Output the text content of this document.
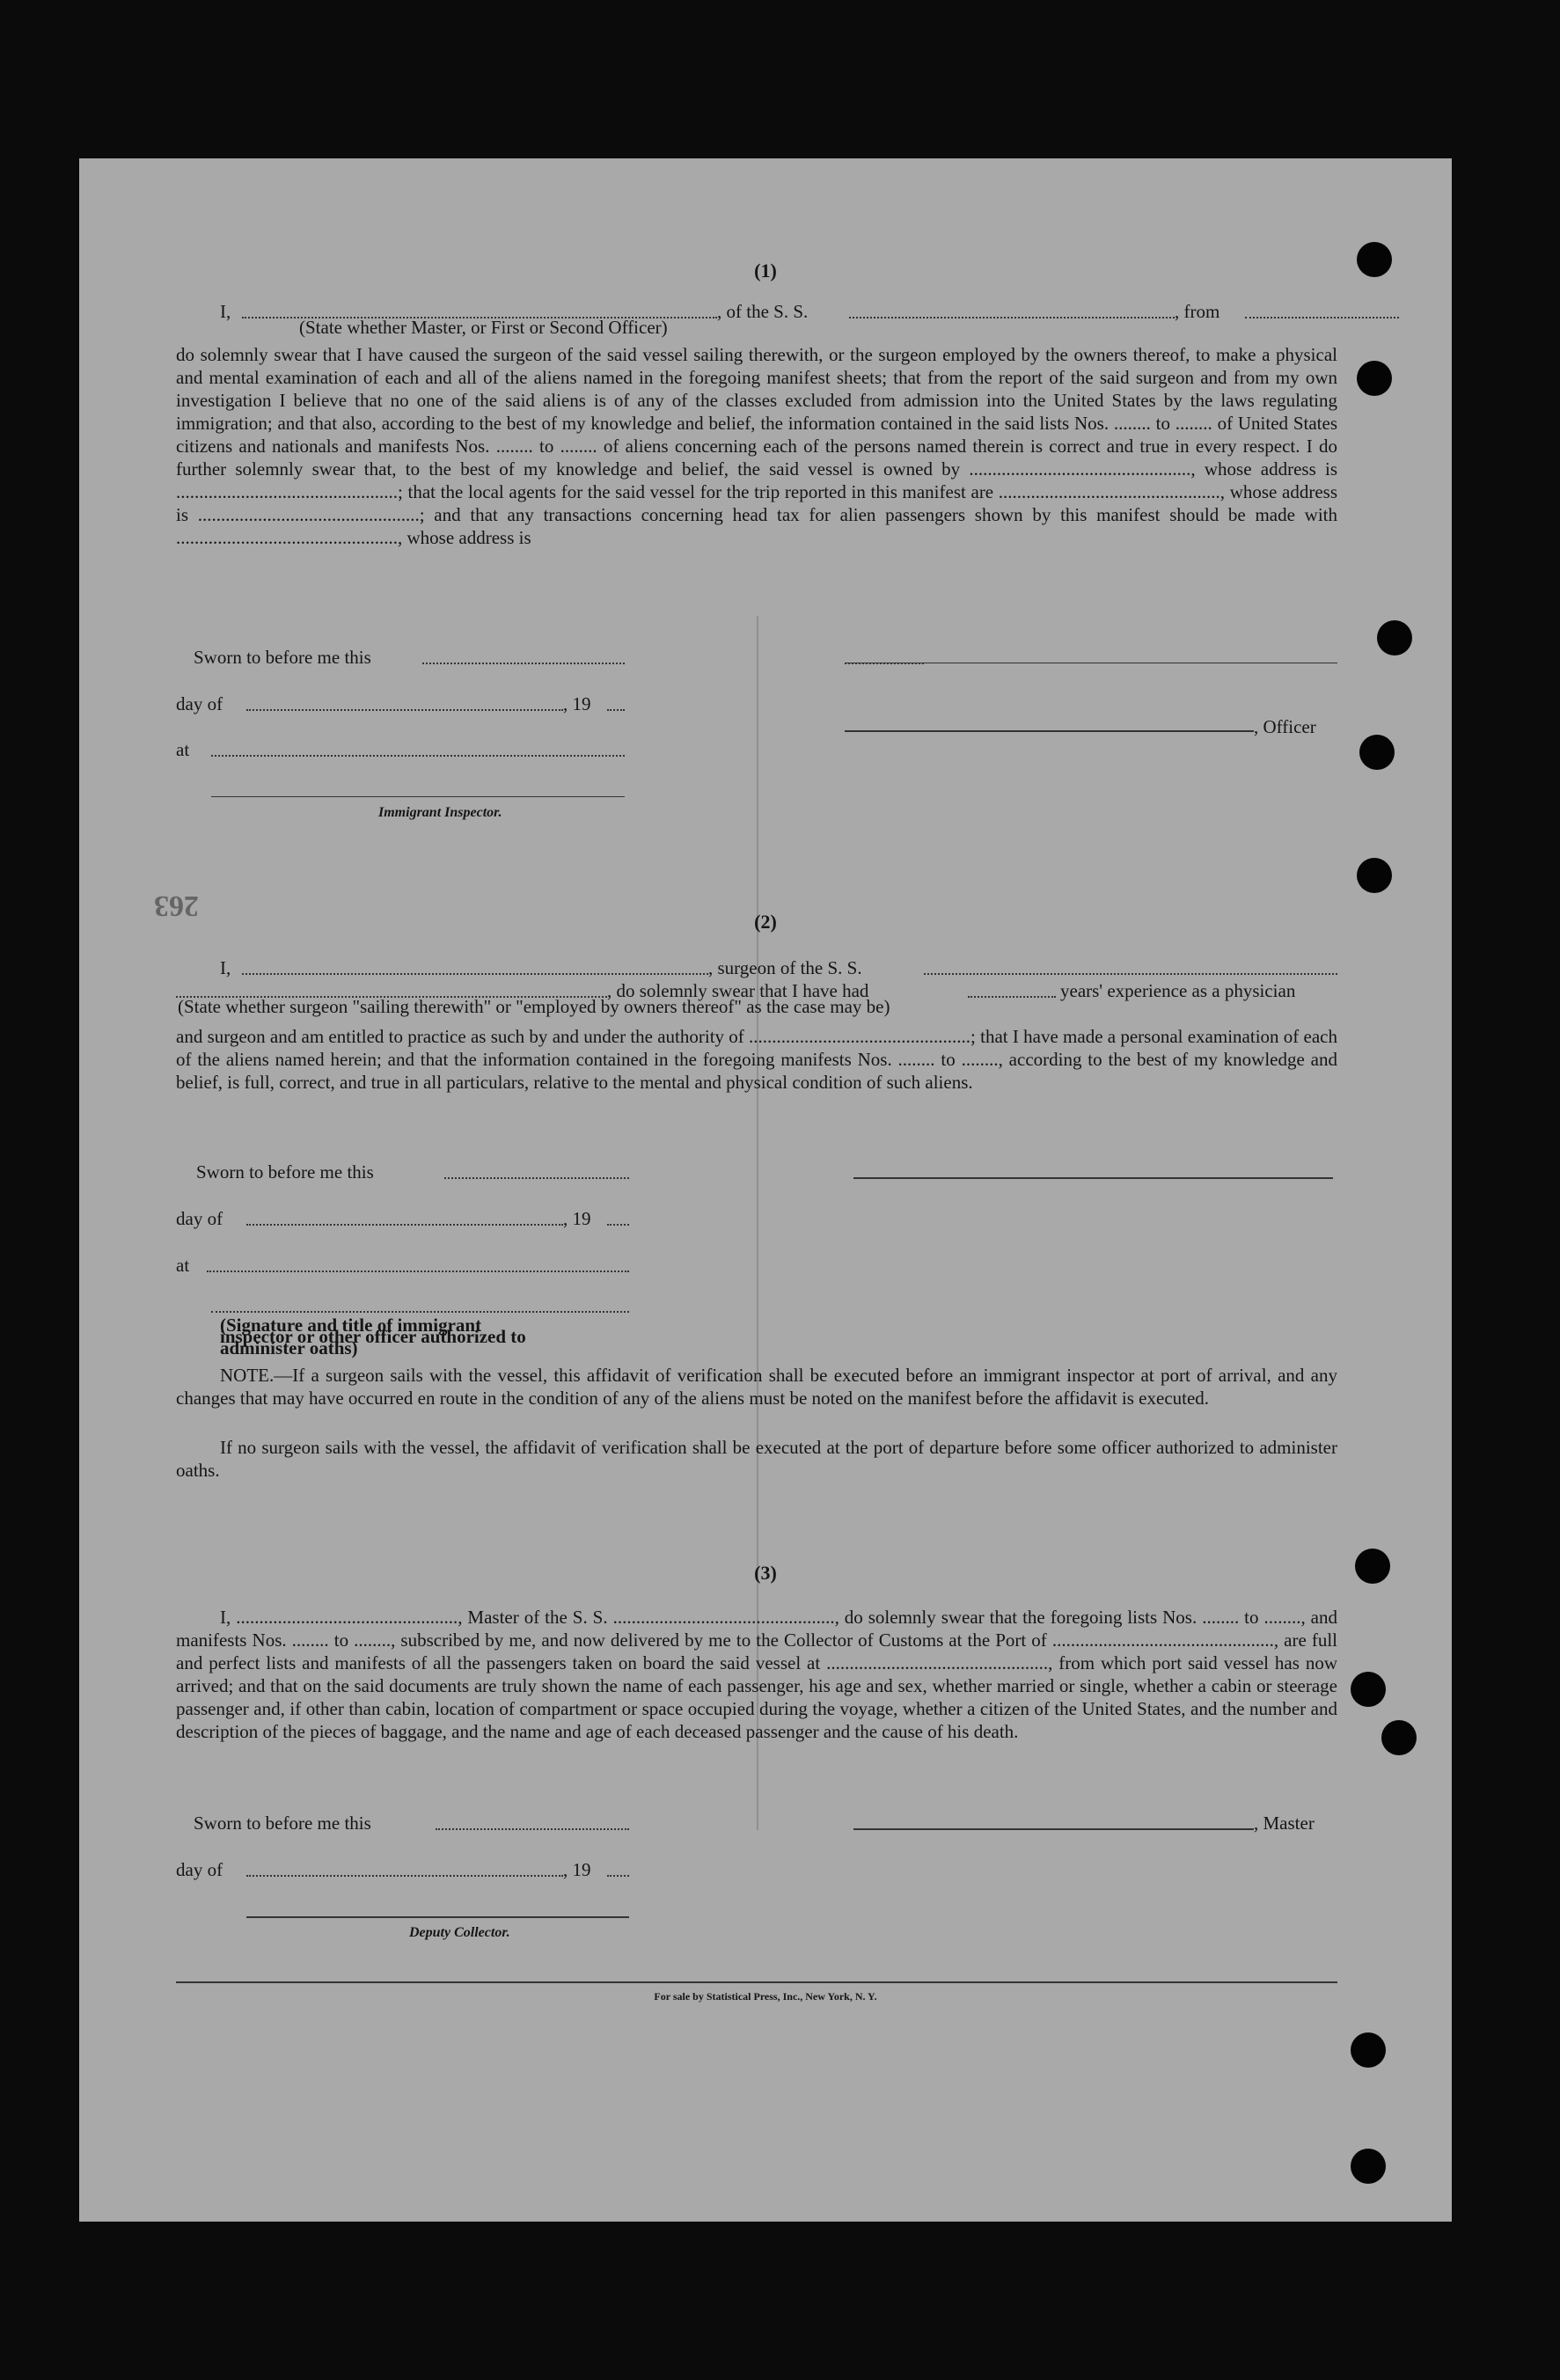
(1)
I,
(State whether Master, or First or Second Officer)
, of the S. S.	, from
do solemnly swear that I have caused the surgeon of the said vessel sailing therewith, or the surgeon employed by the owners thereof, to make a physical and mental examination of each and all of the aliens named in the foregoing manifest sheets; that from the report of the said surgeon and from my own investigation I believe that no one of the said aliens is of any of the classes excluded from admission into the United States by the laws regulating immigration; and that also, according to the best of my knowledge and belief, the information contained in the said lists Nos. ........ to ........ of United States citizens and nationals and manifests Nos. ........ to ........ of aliens concerning each of the persons named therein is correct and true in every respect. I do further solemnly swear that, to the best of my knowledge and belief, the said vessel is owned by ................................................, whose address is ................................................; that the local agents for the said vessel for the trip reported in this manifest are ................................................, whose address is ................................................; and that any transactions concerning head tax for alien passengers shown by this manifest should be made with ................................................, whose address is
Sworn to before me this
day of	, 19
at
, Officer
Immigrant Inspector.
263	(2)
I,	, surgeon of the S. S.
, do solemnly swear that I have had	years' experience as a physician
(State whether surgeon "sailing therewith" or "employed by owners thereof" as the case may be)
and surgeon and am entitled to practice as such by and under the authority of ................................................; that I have made a personal examination of each of the aliens named herein; and that the information contained in the foregoing manifests Nos. ........ to ........, according to the best of my knowledge and belief, is full, correct, and true in all particulars, relative to the mental and physical condition of such aliens.
Sworn to before me this
day of	, 19
at
(Signature and title of immigrant inspector or other officer authorized to administer oaths)
NOTE.—If a surgeon sails with the vessel, this affidavit of verification shall be executed before an immigrant inspector at port of arrival, and any changes that may have occurred en route in the condition of any of the aliens must be noted on the manifest before the affidavit is executed.
If no surgeon sails with the vessel, the affidavit of verification shall be executed at the port of departure before some officer authorized to administer oaths.
(3)
I, ................................................, Master of the S. S. ................................................, do solemnly swear that the foregoing lists Nos. ........ to ........, and manifests Nos. ........ to ........, subscribed by me, and now delivered by me to the Collector of Customs at the Port of ................................................, are full and perfect lists and manifests of all the passengers taken on board the said vessel at ................................................, from which port said vessel has now arrived; and that on the said documents are truly shown the name of each passenger, his age and sex, whether married or single, whether a cabin or steerage passenger and, if other than cabin, location of compartment or space occupied during the voyage, whether a citizen of the United States, and the number and description of the pieces of baggage, and the name and age of each deceased passenger and the cause of his death.
Sworn to before me this	, Master
day of	, 19
Deputy Collector.
For sale by Statistical Press, Inc., New York, N. Y.
